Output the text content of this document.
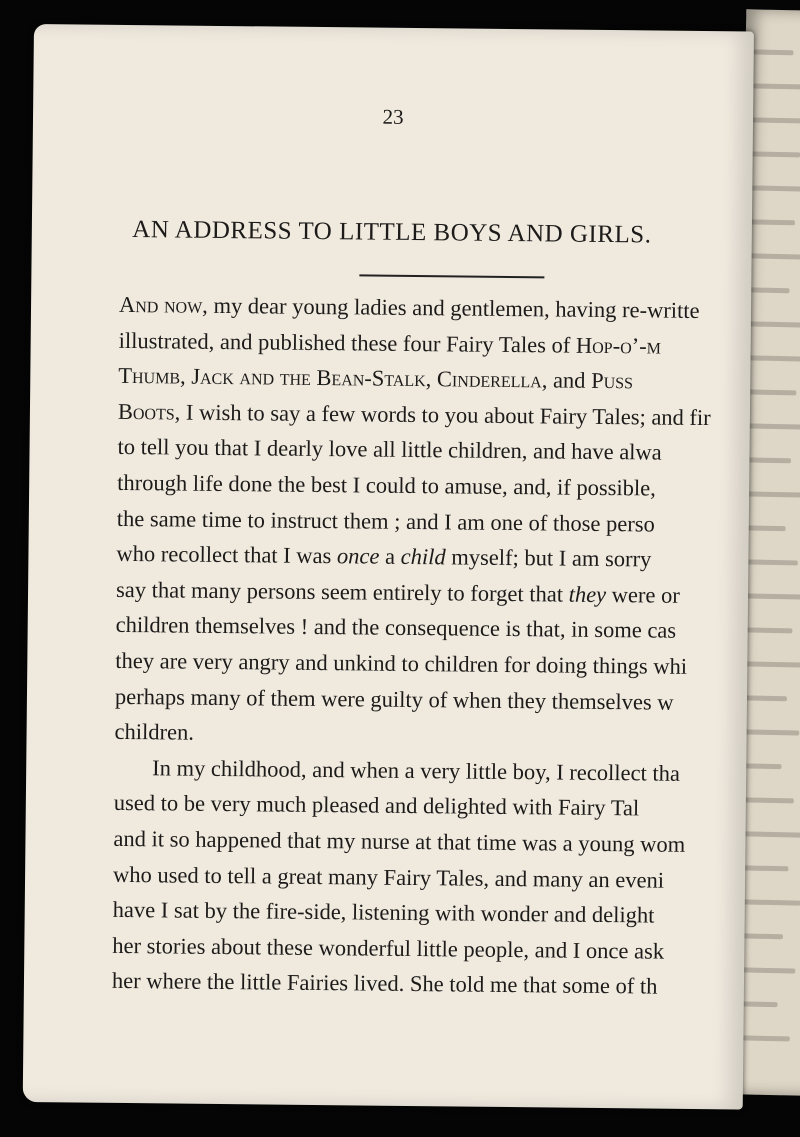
23
AN ADDRESS TO LITTLE BOYS AND GIRLS.
And now, my dear young ladies and gentlemen, having re-writte
illustrated, and published these four Fairy Tales of Hop-o’-m
Thumb, Jack and the Bean-Stalk, Cinderella, and Puss
Boots, I wish to say a few words to you about Fairy Tales; and fir
to tell you that I dearly love all little children, and have alwa
through life done the best I could to amuse, and, if possible,
the same time to instruct them ; and I am one of those perso
who recollect that I was once a child myself; but I am sorry
say that many persons seem entirely to forget that they were or
children themselves ! and the consequence is that, in some cas
they are very angry and unkind to children for doing things whi
perhaps many of them were guilty of when they themselves w
children.
In my childhood, and when a very little boy, I recollect tha
used to be very much pleased and delighted with Fairy Tal
and it so happened that my nurse at that time was a young wom
who used to tell a great many Fairy Tales, and many an eveni
have I sat by the fire-side, listening with wonder and delight
her stories about these wonderful little people, and I once ask
her where the little Fairies lived. She told me that some of th
